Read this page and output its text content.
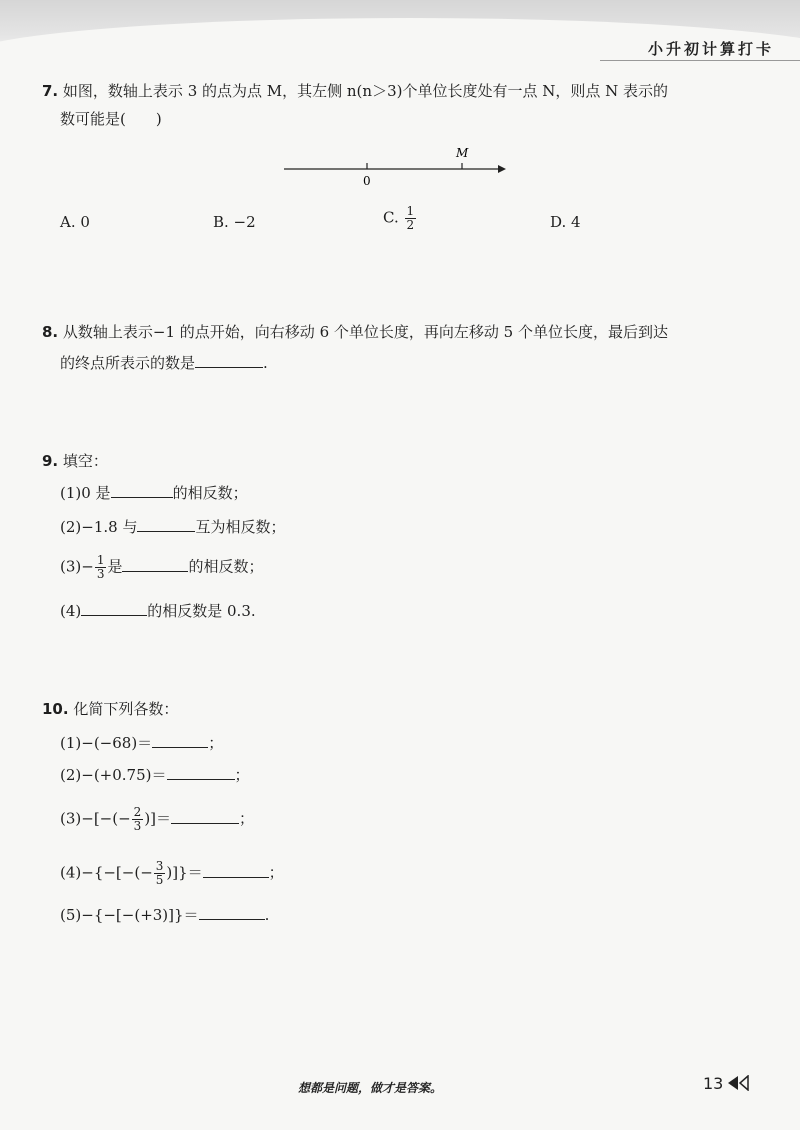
小升初计算打卡
7. 如图，数轴上表示 3 的点为点 M，其左侧 n(n＞3)个单位长度处有一点 N，则点 N 表示的
数可能是(　　)
0
M
A. 0	B. −2	C. $\frac{1}{2}$	D. 4
8. 从数轴上表示−1 的点开始，向右移动 6 个单位长度，再向左移动 5 个单位长度，最后到达
的终点所表示的数是	.
9. 填空：
(1)0 是	的相反数；
(2)−1.8 与	互为相反数；
$(3)- \frac{1}{3}$ 是	的相反数；
(4)	的相反数是 0.3.
10. 化简下列各数：
(1)−(−68)＝	；
(2)−(+0.75)＝	；
$(3)-[-(- \frac{2}{3}$ )]＝	；
$(4)-\{-[-(- \frac{3}{5}$ )]}＝	；
(5)−{−[−(+3)]}＝	.
想都是问题，做才是答案。	13
